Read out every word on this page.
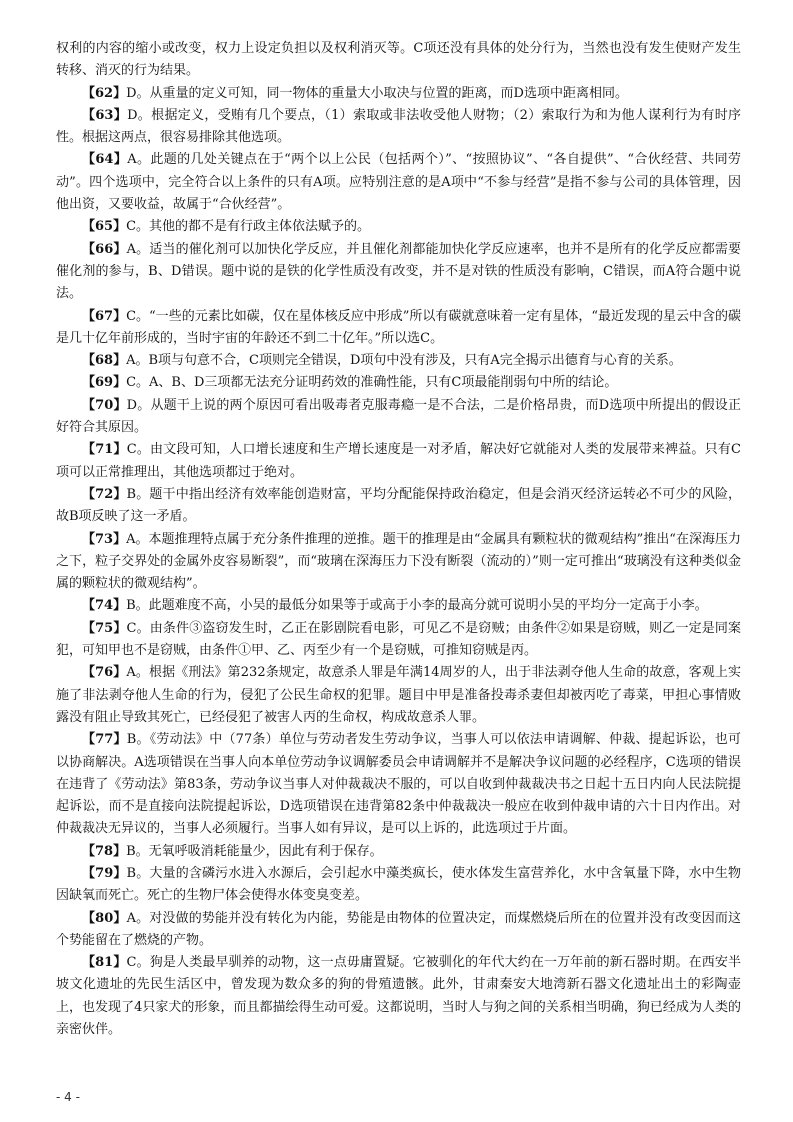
权利的内容的缩小或改变，权力上设定负担以及权利消灭等。C项还没有具体的处分行为，当然也没有发生使财产发生转移、消灭的行为结果。

【62】D。从重量的定义可知，同一物体的重量大小取决与位置的距离，而D选项中距离相同。

【63】D。根据定义，受贿有几个要点，（1）索取或非法收受他人财物；（2）索取行为和为他人谋利行为有时序性。根据这两点，很容易排除其他选项。

【64】A。此题的几处关键点在于“两个以上公民（包括两个）”、“按照协议”、“各自提供”、“合伙经营、共同劳动”。四个选项中，完全符合以上条件的只有A项。应特别注意的是A项中“不参与经营”是指不参与公司的具体管理，因他出资，又要收益，故属于“合伙经营”。

【65】C。其他的都不是有行政主体依法赋予的。

【66】A。适当的催化剂可以加快化学反应，并且催化剂都能加快化学反应速率，也并不是所有的化学反应都需要催化剂的参与，B、D错误。题中说的是铁的化学性质没有改变，并不是对铁的性质没有影响，C错误，而A符合题中说法。

【67】C。“一些的元素比如碳，仅在星体核反应中形成”所以有碳就意味着一定有星体，“最近发现的星云中含的碳是几十亿年前形成的，当时宇宙的年龄还不到二十亿年。”所以选C。

【68】A。B项与句意不合，C项则完全错误，D项句中没有涉及，只有A完全揭示出德育与心育的关系。

【69】C。A、B、D三项都无法充分证明药效的准确性能，只有C项最能削弱句中所的结论。

【70】D。从题干上说的两个原因可看出吸毒者克服毒瘾一是不合法，二是价格昂贵，而D选项中所提出的假设正好符合其原因。

【71】C。由文段可知，人口增长速度和生产增长速度是一对矛盾，解决好它就能对人类的发展带来裨益。只有C项可以正常推理出，其他选项都过于绝对。

【72】B。题干中指出经济有效率能创造财富，平均分配能保持政治稳定，但是会消灭经济运转必不可少的风险，故B项反映了这一矛盾。

【73】A。本题推理特点属于充分条件推理的逆推。题干的推理是由“金属具有颗粒状的微观结构”推出“在深海压力之下，粒子交界处的金属外皮容易断裂”，而“玻璃在深海压力下没有断裂（流动的）”则一定可推出“玻璃没有这种类似金属的颗粒状的微观结构”。

【74】B。此题难度不高，小吴的最低分如果等于或高于小李的最高分就可说明小吴的平均分一定高于小李。

【75】C。由条件③盗窃发生时，乙正在影剧院看电影，可见乙不是窃贼；由条件②如果是窃贼，则乙一定是同案犯，可知甲也不是窃贼，由条件①甲、乙、丙至少有一个是窃贼，可推知窃贼是丙。

【76】A。根据《刑法》第232条规定，故意杀人罪是年满14周岁的人，出于非法剥夺他人生命的故意，客观上实施了非法剥夺他人生命的行为，侵犯了公民生命权的犯罪。题目中甲是准备投毒杀妻但却被丙吃了毒菜，甲担心事情败露没有阻止导致其死亡，已经侵犯了被害人丙的生命权，构成故意杀人罪。

【77】B。《劳动法》中（77条）单位与劳动者发生劳动争议，当事人可以依法申请调解、仲裁、提起诉讼，也可以协商解决。A选项错误在当事人向本单位劳动争议调解委员会申请调解并不是解决争议问题的必经程序，C选项的错误在违背了《劳动法》第83条，劳动争议当事人对仲裁裁决不服的，可以自收到仲裁裁决书之日起十五日内向人民法院提起诉讼，而不是直接向法院提起诉讼，D选项错误在违背第82条中仲裁裁决一般应在收到仲裁申请的六十日内作出。对仲裁裁决无异议的，当事人必须履行。当事人如有异议，是可以上诉的，此选项过于片面。

【78】B。无氧呼吸消耗能量少，因此有利于保存。

【79】B。大量的含磷污水进入水源后，会引起水中藻类疯长，使水体发生富营养化，水中含氧量下降，水中生物因缺氧而死亡。死亡的生物尸体会使得水体变臭变差。

【80】A。对没做的势能并没有转化为内能，势能是由物体的位置决定，而煤燃烧后所在的位置并没有改变因而这个势能留在了燃烧的产物。

【81】C。狗是人类最早驯养的动物，这一点毋庸置疑。它被驯化的年代大约在一万年前的新石器时期。在西安半坡文化遗址的先民生活区中，曾发现为数众多的狗的骨殖遗骸。此外，甘肃秦安大地湾新石器文化遗址出土的彩陶壶上，也发现了4只家犬的形象，而且都描绘得生动可爱。这都说明，当时人与狗之间的关系相当明确，狗已经成为人类的亲密伙伴。

- 4 -
